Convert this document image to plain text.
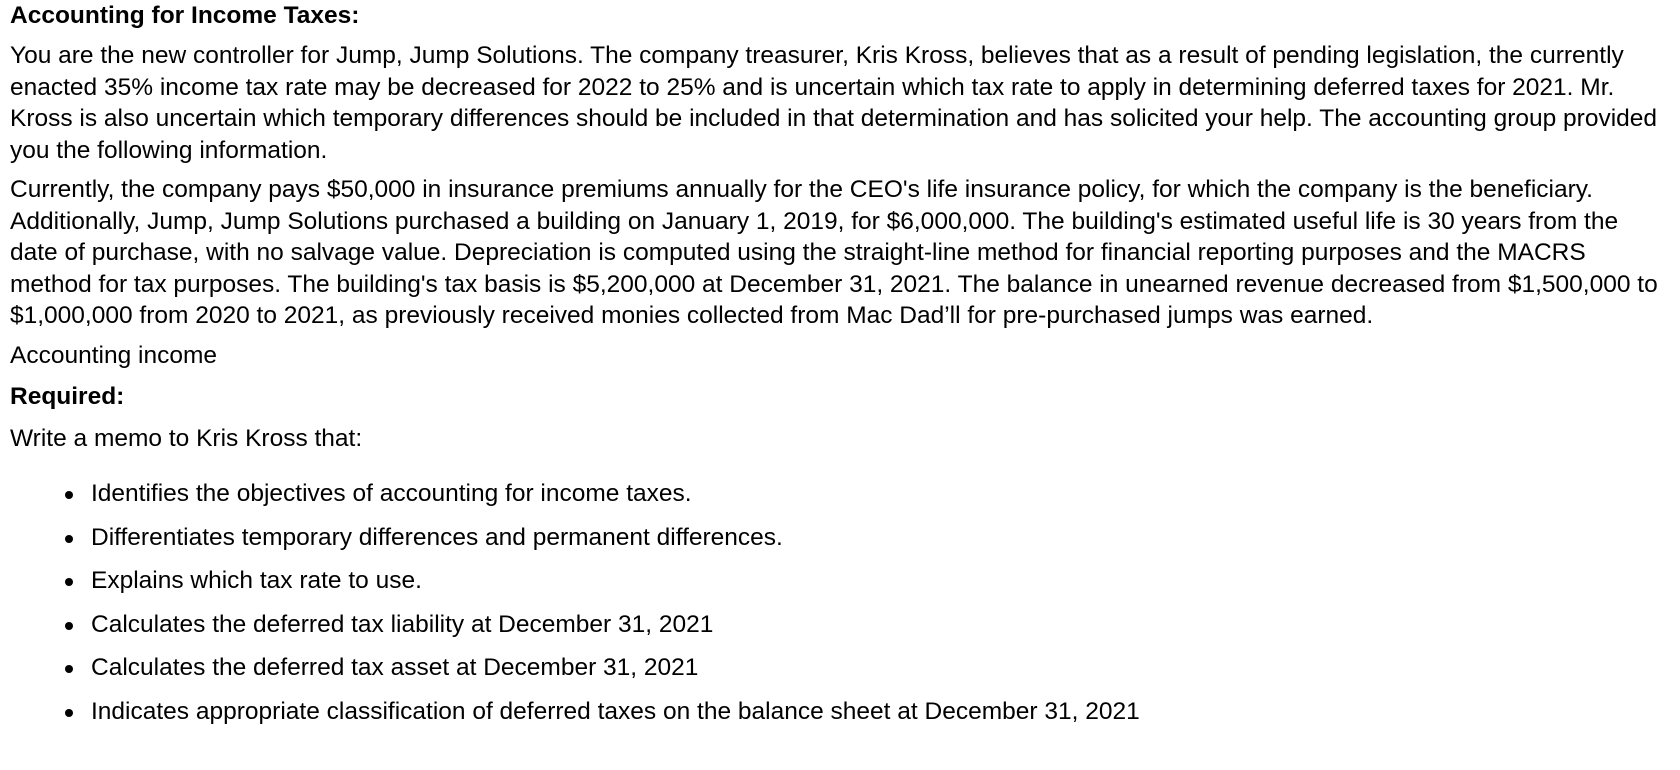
Accounting for Income Taxes:

You are the new controller for Jump, Jump Solutions. The company treasurer, Kris Kross, believes that as a result of pending legislation, the currently enacted 35% income tax rate may be decreased for 2022 to 25% and is uncertain which tax rate to apply in determining deferred taxes for 2021. Mr. Kross is also uncertain which temporary differences should be included in that determination and has solicited your help. The accounting group provided you the following information.

Currently, the company pays $50,000 in insurance premiums annually for the CEO's life insurance policy, for which the company is the beneficiary. Additionally, Jump, Jump Solutions purchased a building on January 1, 2019, for $6,000,000. The building's estimated useful life is 30 years from the date of purchase, with no salvage value. Depreciation is computed using the straight-line method for financial reporting purposes and the MACRS method for tax purposes. The building's tax basis is $5,200,000 at December 31, 2021. The balance in unearned revenue decreased from $1,500,000 to $1,000,000 from 2020 to 2021, as previously received monies collected from Mac Dad’ll for pre-purchased jumps was earned.

Accounting income

Required:

Write a memo to Kris Kross that:

Identifies the objectives of accounting for income taxes.
Differentiates temporary differences and permanent differences.
Explains which tax rate to use.
Calculates the deferred tax liability at December 31, 2021
Calculates the deferred tax asset at December 31, 2021
Indicates appropriate classification of deferred taxes on the balance sheet at December 31, 2021
